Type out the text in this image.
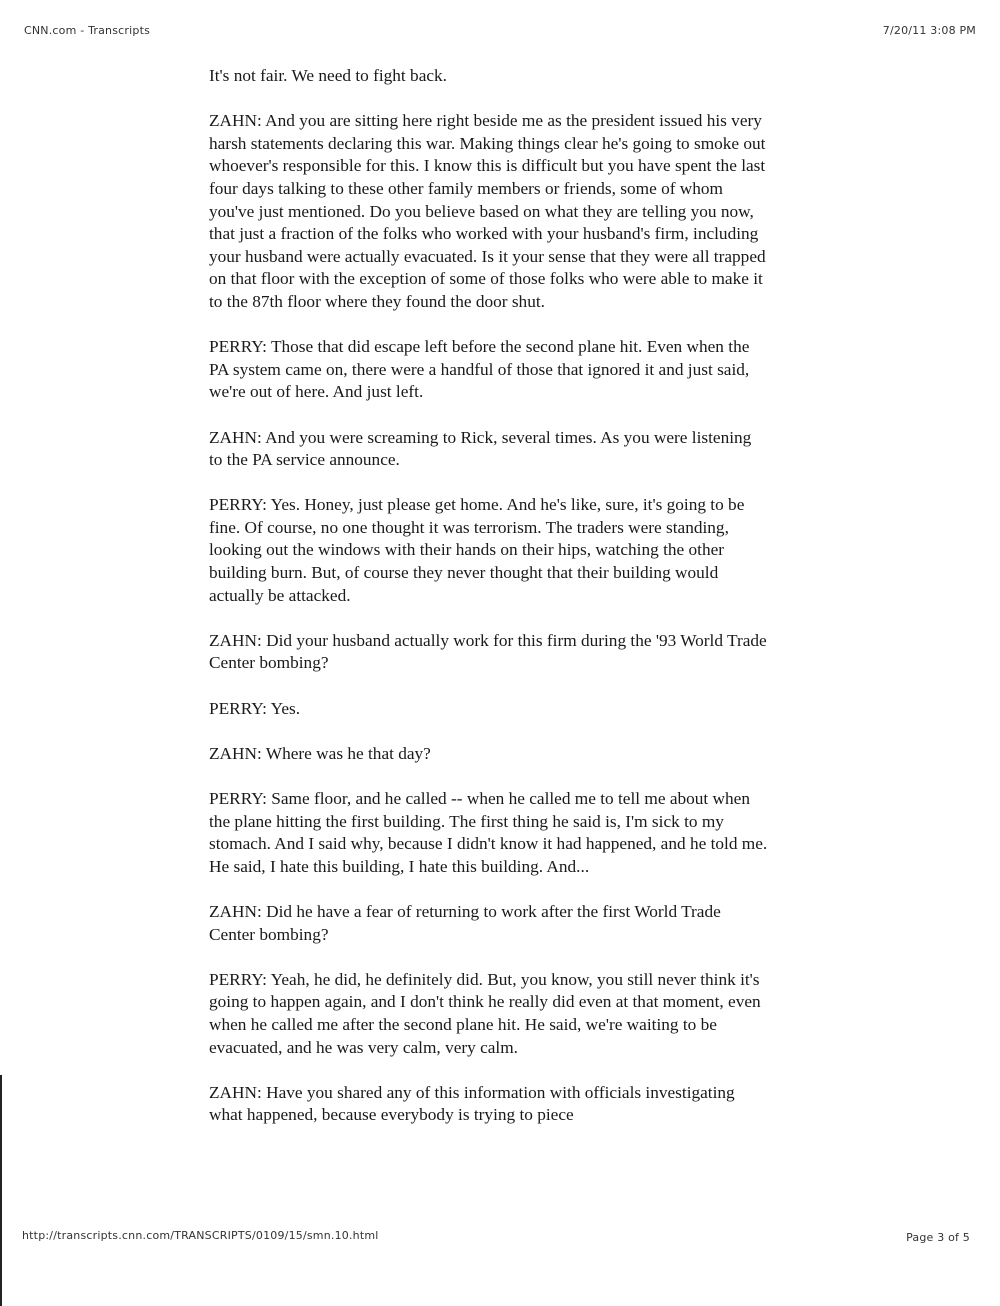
CNN.com - Transcripts	7/20/11 3:08 PM

It's not fair. We need to fight back.

ZAHN: And you are sitting here right beside me as the president issued his very harsh statements declaring this war. Making things clear he's going to smoke out whoever's responsible for this. I know this is difficult but you have spent the last four days talking to these other family members or friends, some of whom you've just mentioned. Do you believe based on what they are telling you now, that just a fraction of the folks who worked with your husband's firm, including your husband were actually evacuated. Is it your sense that they were all trapped on that floor with the exception of some of those folks who were able to make it to the 87th floor where they found the door shut.

PERRY: Those that did escape left before the second plane hit. Even when the PA system came on, there were a handful of those that ignored it and just said, we're out of here. And just left.

ZAHN: And you were screaming to Rick, several times. As you were listening to the PA service announce.

PERRY: Yes. Honey, just please get home. And he's like, sure, it's going to be fine. Of course, no one thought it was terrorism. The traders were standing, looking out the windows with their hands on their hips, watching the other building burn. But, of course they never thought that their building would actually be attacked.

ZAHN: Did your husband actually work for this firm during the '93 World Trade Center bombing?

PERRY: Yes.

ZAHN: Where was he that day?

PERRY: Same floor, and he called -- when he called me to tell me about when the plane hitting the first building. The first thing he said is, I'm sick to my stomach. And I said why, because I didn't know it had happened, and he told me. He said, I hate this building, I hate this building. And...

ZAHN: Did he have a fear of returning to work after the first World Trade Center bombing?

PERRY: Yeah, he did, he definitely did. But, you know, you still never think it's going to happen again, and I don't think he really did even at that moment, even when he called me after the second plane hit. He said, we're waiting to be evacuated, and he was very calm, very calm.

ZAHN: Have you shared any of this information with officials investigating what happened, because everybody is trying to piece

http://transcripts.cnn.com/TRANSCRIPTS/0109/15/smn.10.html	Page 3 of 5
